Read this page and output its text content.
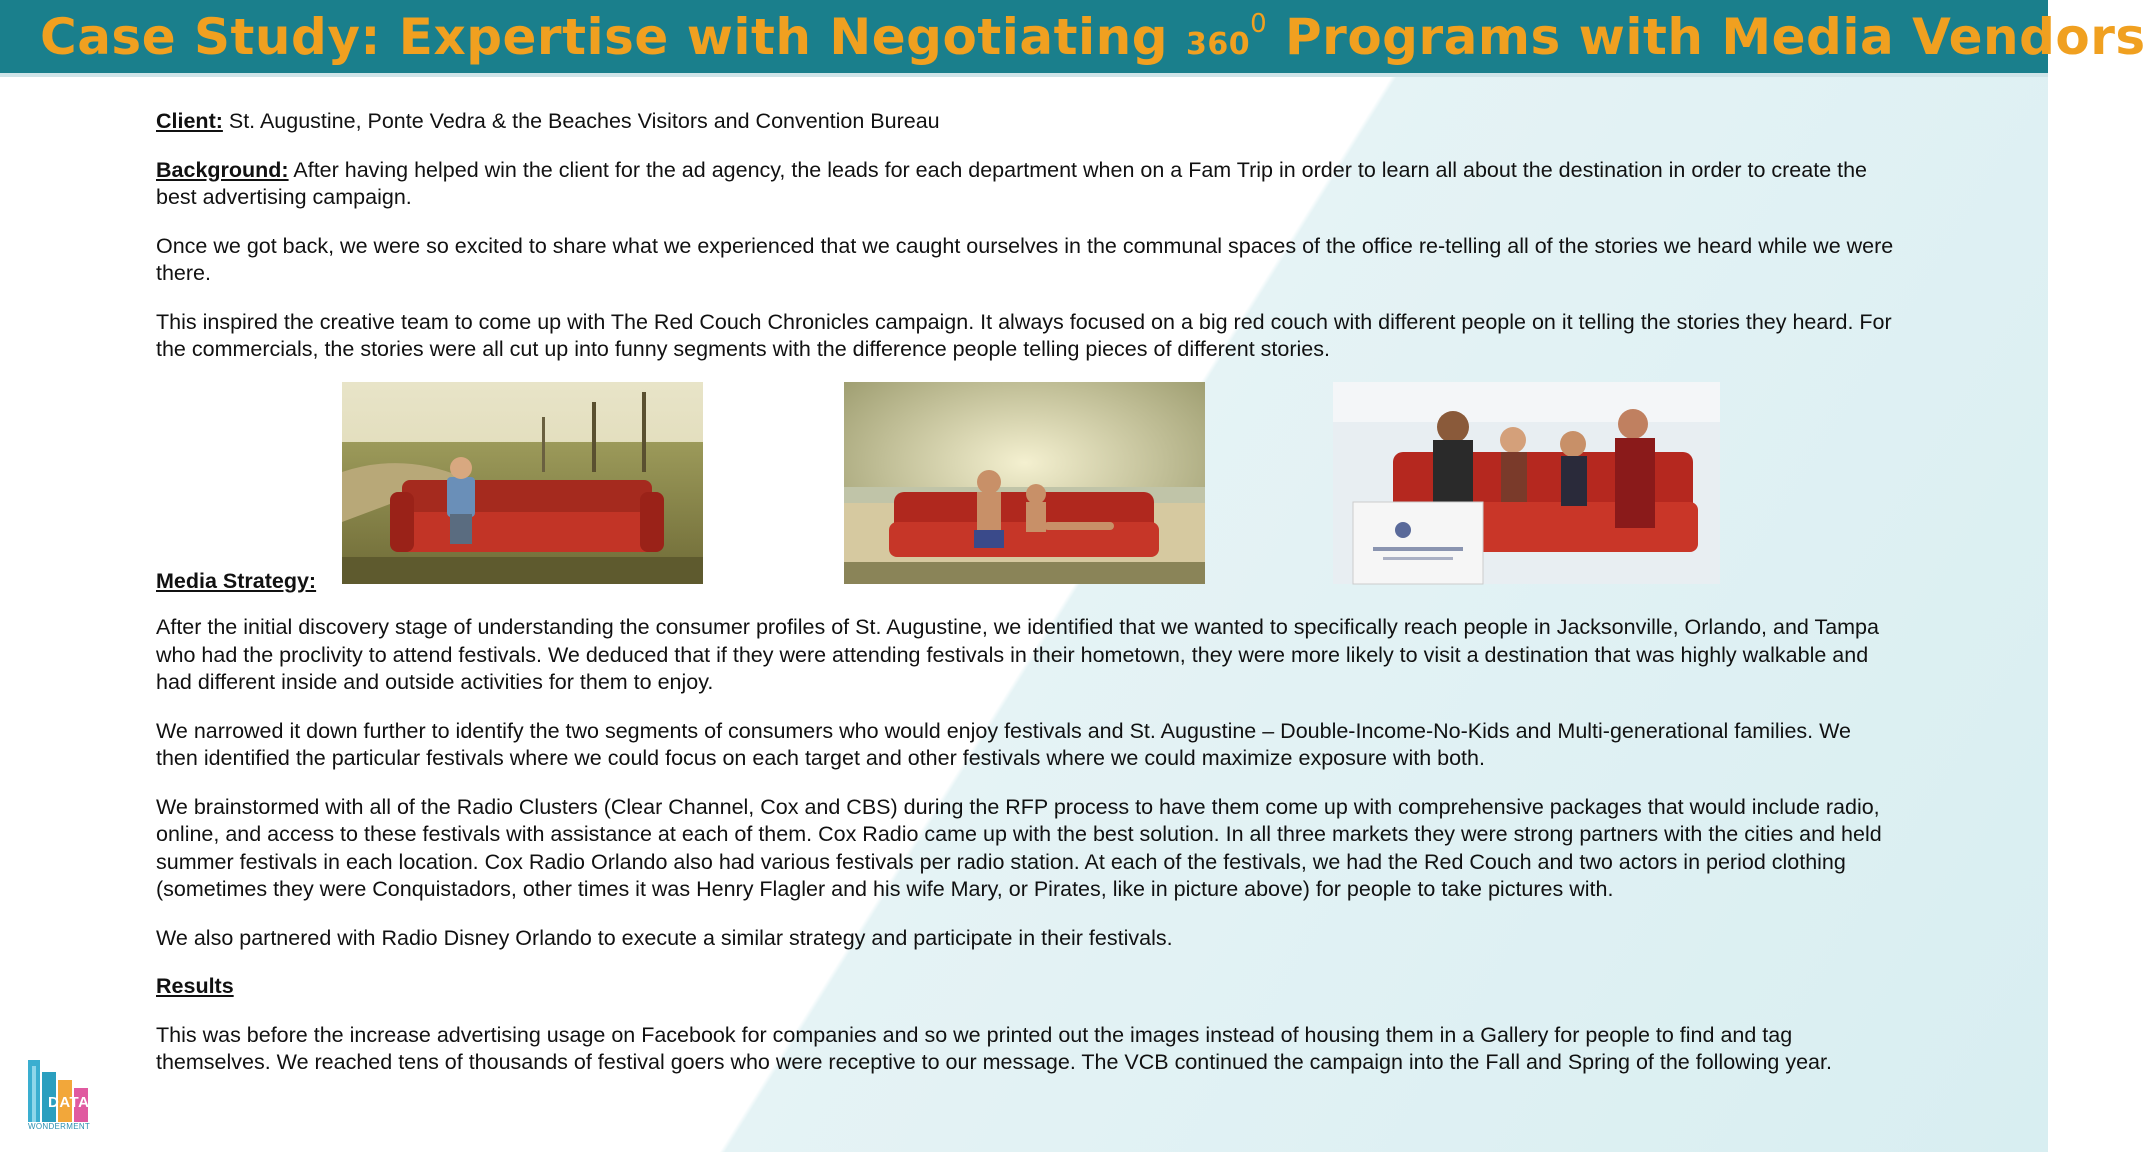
Case Study: Expertise with Negotiating $360^0$ Programs with Media Vendors

Client: St. Augustine, Ponte Vedra & the Beaches Visitors and Convention Bureau

Background: After having helped win the client for the ad agency, the leads for each department when on a Fam Trip in order to learn all about the destination in order to create the best advertising campaign.

Once we got back, we were so excited to share what we experienced that we caught ourselves in the communal spaces of the office re-telling all of the stories we heard while we were there.

This inspired the creative team to come up with The Red Couch Chronicles campaign. It always focused on a big red couch with different people on it telling the stories they heard. For the commercials, the stories were all cut up into funny segments with the difference people telling pieces of different stories.

Media Strategy:

After the initial discovery stage of understanding the consumer profiles of St. Augustine, we identified that we wanted to specifically reach people in Jacksonville, Orlando, and Tampa who had the proclivity to attend festivals. We deduced that if they were attending festivals in their hometown, they were more likely to visit a destination that was highly walkable and had different inside and outside activities for them to enjoy.

We narrowed it down further to identify the two segments of consumers who would enjoy festivals and St. Augustine – Double-Income-No-Kids and Multi-generational families. We then identified the particular festivals where we could focus on each target and other festivals where we could maximize exposure with both.

We brainstormed with all of the Radio Clusters (Clear Channel, Cox and CBS) during the RFP process to have them come up with comprehensive packages that would include radio, online, and access to these festivals with assistance at each of them. Cox Radio came up with the best solution. In all three markets they were strong partners with the cities and held summer festivals in each location. Cox Radio Orlando also had various festivals per radio station. At each of the festivals, we had the Red Couch and two actors in period clothing (sometimes they were Conquistadors, other times it was Henry Flagler and his wife Mary, or Pirates, like in picture above) for people to take pictures with.

We also partnered with Radio Disney Orlando to execute a similar strategy and participate in their festivals.

Results

This was before the increase advertising usage on Facebook for companies and so we printed out the images instead of housing them in a Gallery for people to find and tag themselves. We reached tens of thousands of festival goers who were receptive to our message. The VCB continued the campaign into the Fall and Spring of the following year.

DATA
WONDERMENT
